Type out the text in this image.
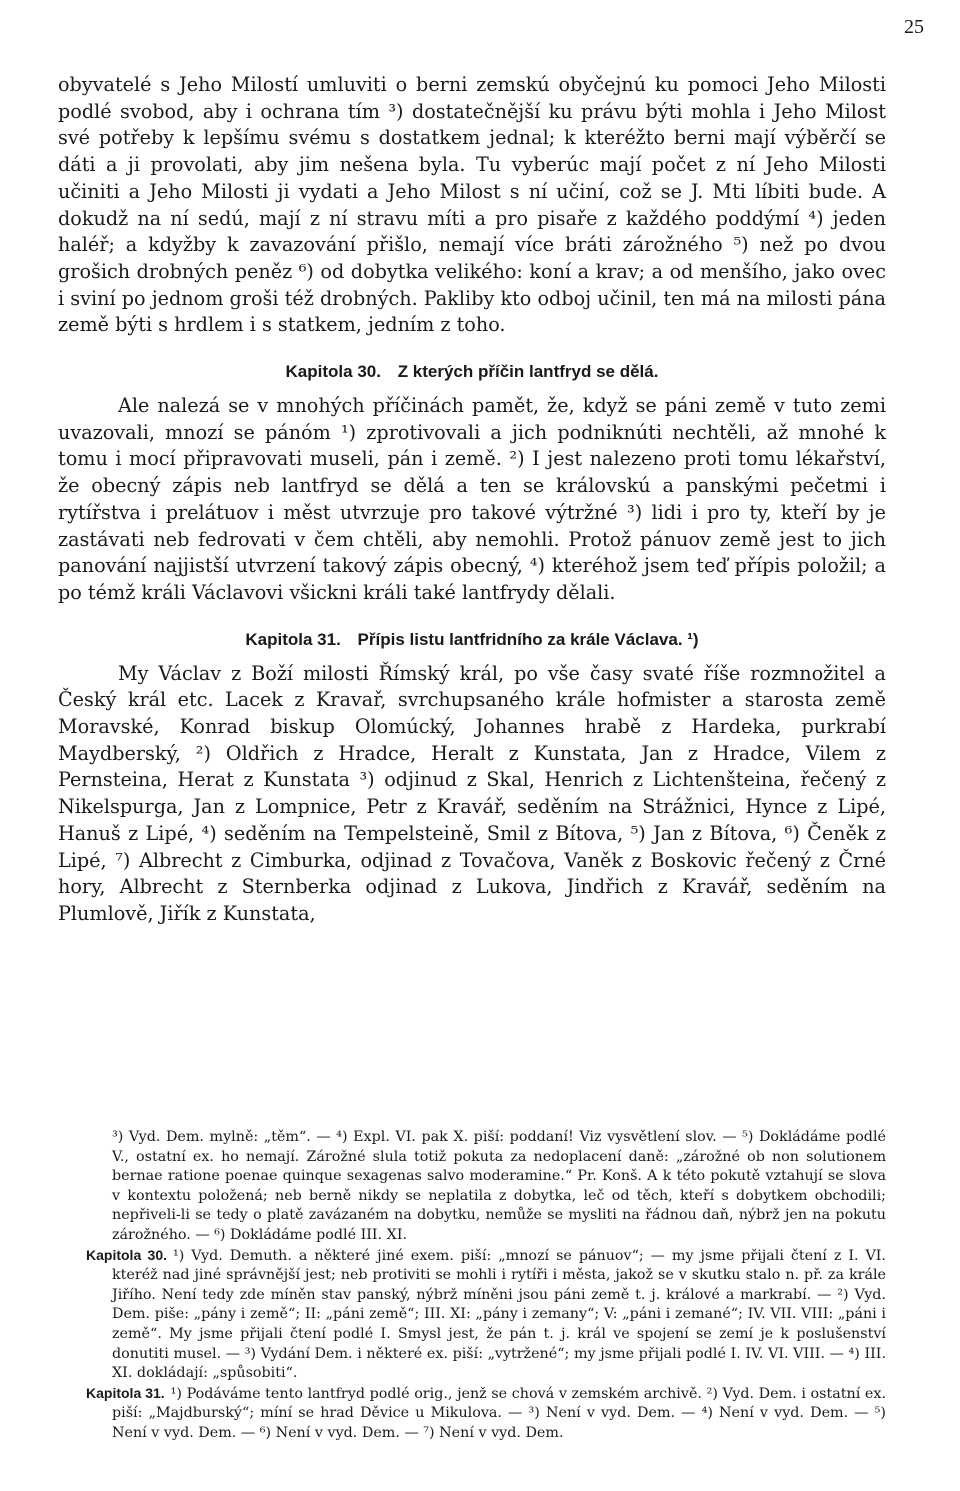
25

obyvatelé s Jeho Milostí umluviti o berni zemskú obyčejnú ku pomoci Jeho Milosti podlé svobod, aby i ochrana tím ³) dostatečnější ku právu býti mohla i Jeho Milost své potřeby k lepšímu svému s dostatkem jednal; k kteréžto berni mají výběrčí se dáti a ji provolati, aby jim nešena byla. Tu vyberúc mají počet z ní Jeho Milosti učiniti a Jeho Milosti ji vydati a Jeho Milost s ní učiní, což se J. Mti líbiti bude. A dokudž na ní sedú, mají z ní stravu míti a pro pisaře z každého poddýmí ⁴) jeden haléř; a kdyžby k zavazování přišlo, nemají více bráti zárožného ⁵) než po dvou grošich drobných peněz ⁶) od dobytka velikého: koní a krav; a od menšího, jako ovec i sviní po jednom groši též drobných. Pakliby kto odboj učinil, ten má na milosti pána země býti s hrdlem i s statkem, jedním z toho.

Kapitola 30. Z kterých příčin lantfryd se dělá.

Ale nalezá se v mnohých příčinách pamět, že, když se páni země v tuto zemi uvazovali, mnozí se pánóm ¹) zprotivovali a jich podniknúti nechtěli, až mnohé k tomu i mocí připravovati museli, pán i země. ²) I jest nalezeno proti tomu lékařství, že obecný zápis neb lantfryd se dělá a ten se královskú a panskými pečetmi i rytířstva i prelátuov i měst utvrzuje pro takové výtržné ³) lidi i pro ty, kteří by je zastávati neb fedrovati v čem chtěli, aby nemohli. Protož pánuov země jest to jich panování najjistší utvrzení takový zápis obecný, ⁴) kteréhož jsem teď přípis položil; a po témž králi Václavovi všickni králi také lantfrydy dělali.

Kapitola 31. Přípis listu lantfridního za krále Václava. ¹)

My Václav z Boží milosti Římský král, po vše časy svaté říše rozmnožitel a Český král etc. Lacek z Kravař, svrchupsaného krále hofmister a starosta země Moravské, Konrad biskup Olomúcký, Johannes hrabě z Hardeka, purkrabí Maydberský, ²) Oldřich z Hradce, Heralt z Kunstata, Jan z Hradce, Vilem z Pernsteina, Herat z Kunstata ³) odjinud z Skal, Henrich z Lichtenšteina, řečený z Nikelspurga, Jan z Lompnice, Petr z Kravář, seděním na Strážnici, Hynce z Lipé, Hanuš z Lipé, ⁴) seděním na Tempelsteině, Smil z Bítova, ⁵) Jan z Bítova, ⁶) Čeněk z Lipé, ⁷) Albrecht z Cimburka, odjinad z Tovačova, Vaněk z Boskovic řečený z Črné hory, Albrecht z Sternberka odjinad z Lukova, Jindřich z Kravář, seděním na Plumlově, Jiřík z Kunstata,

³) Vyd. Dem. mylně: „těm“. — ⁴) Expl. VI. pak X. piší: poddaní! Viz vysvětlení slov. — ⁵) Dokládáme podlé V., ostatní ex. ho nemají. Zárožné slula totiž pokuta za nedoplacení daně: „zárožné ob non solutionem bernae ratione poenae quinque sexagenas salvo moderamine.“ Pr. Konš. A k této pokutě vztahují se slova v kontextu položená; neb berně nikdy se neplatila z dobytka, leč od těch, kteří s dobytkem obchodili; nepřiveli-li se tedy o platě zavázaném na dobytku, nemůže se mysliti na řádnou daň, nýbrž jen na pokutu zárožného. — ⁶) Dokládáme podlé III. XI.

Kapitola 30. ¹) Vyd. Demuth. a některé jiné exem. piší: „mnozí se pánuov“; — my jsme přijali čtení z I. VI. kteréž nad jiné správnější jest; neb protiviti se mohli i rytíři i města, jakož se v skutku stalo n. př. za krále Jiřího. Není tedy zde míněn stav panský, nýbrž míněni jsou páni země t. j. králové a markrabí. — ²) Vyd. Dem. piše: „pány i země“; II: „páni země“; III. XI: „pány i zemany“; V: „páni i zemané“; IV. VII. VIII: „páni i země“. My jsme přijali čtení podlé I. Smysl jest, že pán t. j. král ve spojení se zemí je k poslušenství donutiti musel. — ³) Vydání Dem. i některé ex. piší: „vytržené“; my jsme přijali podlé I. IV. VI. VIII. — ⁴) III. XI. dokládají: „spůsobiti“.

Kapitola 31. ¹) Podáváme tento lantfryd podlé orig., jenž se chová v zemském archivě. ²) Vyd. Dem. i ostatní ex. piší: „Majdburský“; míní se hrad Děvice u Mikulova. — ³) Není v vyd. Dem. — ⁴) Není v vyd. Dem. — ⁵) Není v vyd. Dem. — ⁶) Není v vyd. Dem. — ⁷) Není v vyd. Dem.
